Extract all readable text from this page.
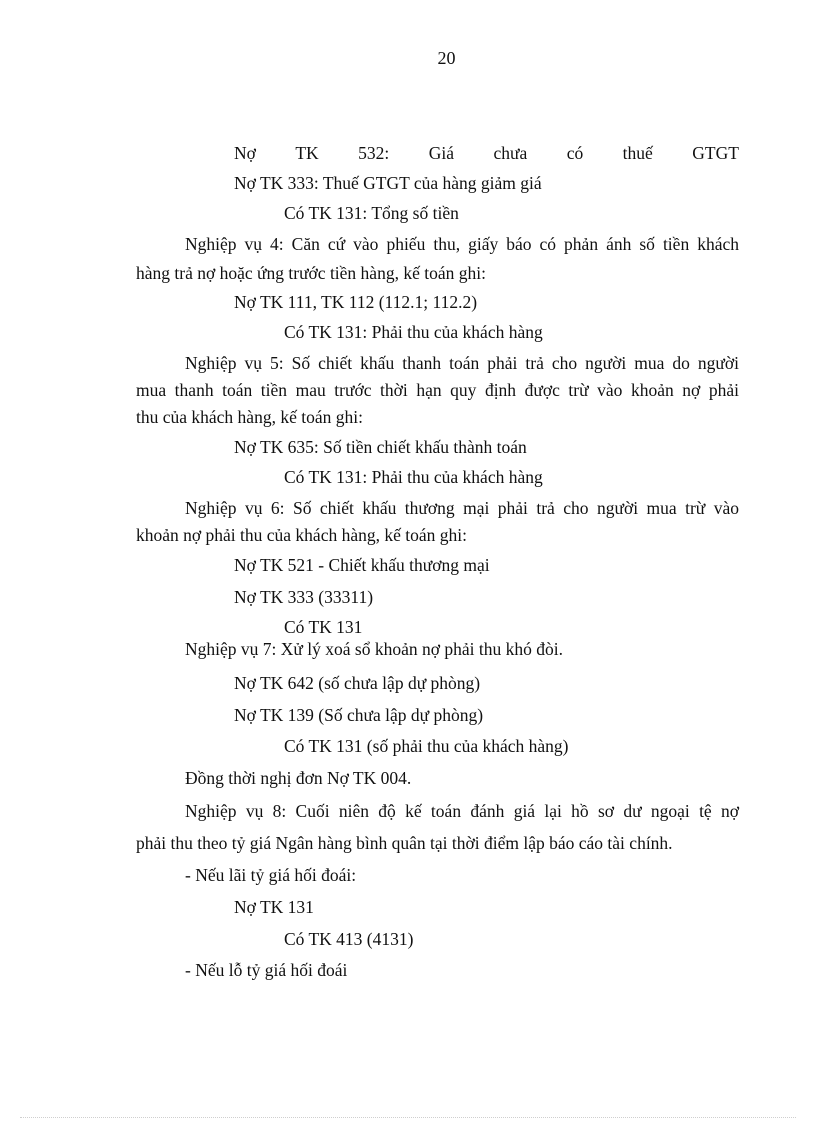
20
Nợ TK 532: Giá chưa có thuế GTGT
Nợ TK 333: Thuế GTGT của hàng giảm giá
Có TK 131: Tổng số tiền
Nghiệp vụ 4: Căn cứ vào phiếu thu, giấy báo có phản ánh số tiền khách
hàng trả nợ hoặc ứng trước tiền hàng, kế toán ghi:
Nợ TK 111, TK 112 (112.1; 112.2)
Có TK 131: Phải thu của khách hàng
Nghiệp vụ 5: Số chiết khấu thanh toán phải trả cho người mua do người
mua thanh toán tiền mau trước thời hạn quy định được trừ vào khoản nợ phải
thu của khách hàng, kế toán ghi:
Nợ TK 635: Số tiền chiết khấu thành toán
Có TK 131: Phải thu của khách hàng
Nghiệp vụ 6: Số chiết khấu thương mại phải trả cho người mua trừ vào
khoản nợ phải thu của khách hàng, kế toán ghi:
Nợ TK 521 - Chiết khấu thương mại
Nợ TK 333 (33311)
Có TK 131
Nghiệp vụ 7: Xử lý xoá sổ khoản nợ phải thu khó đòi.
Nợ TK 642 (số chưa lập dự phòng)
Nợ TK 139 (Số chưa lập dự phòng)
Có TK 131 (số phải thu của khách hàng)
Đồng thời nghị đơn Nợ TK 004.
Nghiệp vụ 8: Cuối niên độ kế toán đánh giá lại hồ sơ dư ngoại tệ nợ
phải thu theo tỷ giá Ngân hàng bình quân tại thời điểm lập báo cáo tài chính.
- Nếu lãi tỷ giá hối đoái:
Nợ TK 131
Có TK 413 (4131)
- Nếu lỗ tỷ giá hối đoái
